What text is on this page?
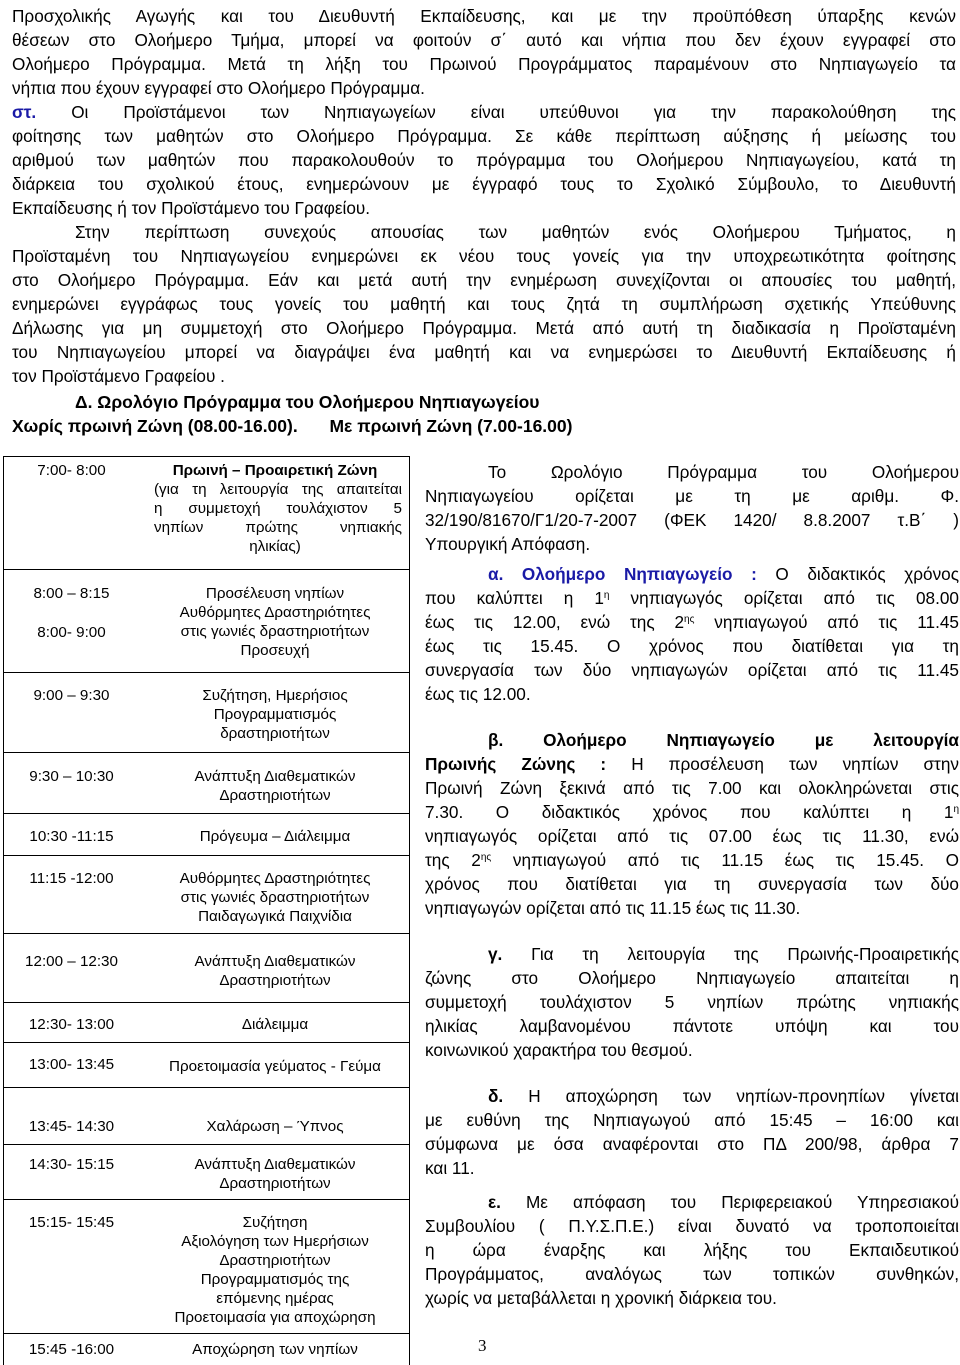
Προσχολικής Αγωγής και του Διευθυντή Εκπαίδευσης, και με την προϋπόθεση ύπαρξης κενών
θέσεων στο Ολοήμερο Τμήμα, μπορεί να φοιτούν σ΄ αυτό και νήπια που δεν έχουν εγγραφεί στο
Ολοήμερο Πρόγραμμα. Μετά τη λήξη του Πρωινού Προγράμματος παραμένουν στο Νηπιαγωγείο τα
νήπια που έχουν εγγραφεί στο Ολοήμερο Πρόγραμμα.
στ. Οι Προϊστάμενοι των Νηπιαγωγείων είναι υπεύθυνοι για την παρακολούθηση της
φοίτησης των μαθητών στο Ολοήμερο Πρόγραμμα. Σε κάθε περίπτωση αύξησης ή μείωσης του
αριθμού των μαθητών που παρακολουθούν το πρόγραμμα του Ολοήμερου Νηπιαγωγείου, κατά τη
διάρκεια του σχολικού έτους, ενημερώνουν με έγγραφό τους το Σχολικό Σύμβουλο, το Διευθυντή
Εκπαίδευσης ή τον Προϊστάμενο του Γραφείου.
Στην περίπτωση συνεχούς απουσίας των μαθητών ενός Ολοήμερου Τμήματος, η
Προϊσταμένη του Νηπιαγωγείου ενημερώνει εκ νέου τους γονείς για την υποχρεωτικότητα φοίτησης
στο Ολοήμερο Πρόγραμμα. Εάν και μετά αυτή την ενημέρωση συνεχίζονται οι απουσίες του μαθητή,
ενημερώνει εγγράφως τους γονείς του μαθητή και τους ζητά τη συμπλήρωση σχετικής Υπεύθυνης
Δήλωσης για μη συμμετοχή στο Ολοήμερο Πρόγραμμα. Μετά από αυτή τη διαδικασία η Προϊσταμένη
του Νηπιαγωγείου μπορεί να διαγράψει ένα μαθητή και να ενημερώσει το Διευθυντή Εκπαίδευσης ή
τον Προϊστάμενο Γραφείου .
Δ. Ωρολόγιο Πρόγραμμα του Ολοήμερου Νηπιαγωγείου
Χωρίς πρωινή Ζώνη (08.00-16.00). Με πρωινή Ζώνη (7.00-16.00)
7:00- 8:00	Πρωινή – Προαιρετική Ζώνη
(για τη λειτουργία της απαιτείται
η συμμετοχή τουλάχιστον 5
νηπίων πρώτης νηπιακής
ηλικίας)
8:00 – 8:15	Προσέλευση νηπίων
8:00- 9:00
Αυθόρμητες Δραστηριότητες
στις γωνιές δραστηριοτήτων
Προσευχή
9:00 – 9:30	Συζήτηση, Ημερήσιος
Προγραμματισμός
δραστηριοτήτων
9:30 – 10:30	Ανάπτυξη Διαθεματικών
Δραστηριοτήτων
10:30 -11:15	Πρόγευμα – Διάλειμμα
11:15 -12:00	Αυθόρμητες Δραστηριότητες
στις γωνιές δραστηριοτήτων
Παιδαγωγικά Παιχνίδια
12:00 – 12:30	Ανάπτυξη Διαθεματικών
Δραστηριοτήτων
12:30- 13:00	Διάλειμμα
13:00- 13:45	Προετοιμασία γεύματος - Γεύμα
13:45- 14:30	Χαλάρωση – Ύπνος
14:30- 15:15	Ανάπτυξη Διαθεματικών
Δραστηριοτήτων
15:15- 15:45	Συζήτηση
Αξιολόγηση των Ημερήσιων
Δραστηριοτήτων
Προγραμματισμός της
επόμενης ημέρας
Προετοιμασία για αποχώρηση
15:45 -16:00	Αποχώρηση των νηπίων
Το Ωρολόγιο Πρόγραμμα του Ολοήμερου
Νηπιαγωγείου ορίζεται με τη με αριθμ. Φ.
32/190/81670/Γ1/20-7-2007 (ΦΕΚ 1420/ 8.8.2007 τ.Β΄ )
Υπουργική Απόφαση.
α. Ολοήμερο Νηπιαγωγείο : Ο διδακτικός χρόνος
που καλύπτει η $1^\eta$ νηπιαγωγός ορίζεται από τις 08.00
έως τις 12.00, ενώ της $2^{\eta\varsigma}$ νηπιαγωγού από τις 11.45
έως τις 15.45. Ο χρόνος που διατίθεται για τη
συνεργασία των δύο νηπιαγωγών ορίζεται από τις 11.45
έως τις 12.00.
β. Ολοήμερο Νηπιαγωγείο με λειτουργία
Πρωινής Ζώνης : Η προσέλευση των νηπίων στην
Πρωινή Ζώνη ξεκινά από τις 7.00 και ολοκληρώνεται στις
7.30. Ο διδακτικός χρόνος που καλύπτει η $1^\eta$
νηπιαγωγός ορίζεται από τις 07.00 έως τις 11.30, ενώ
της $2^{\eta\varsigma}$ νηπιαγωγού από τις 11.15 έως τις 15.45. Ο
χρόνος που διατίθεται για τη συνεργασία των δύο
νηπιαγωγών ορίζεται από τις 11.15 έως τις 11.30.
γ. Για τη λειτουργία της Πρωινής-Προαιρετικής
ζώνης στο Ολοήμερο Νηπιαγωγείο απαιτείται η
συμμετοχή τουλάχιστον 5 νηπίων πρώτης νηπιακής
ηλικίας λαμβανομένου πάντοτε υπόψη και του
κοινωνικού χαρακτήρα του θεσμού.
δ. Η αποχώρηση των νηπίων-προνηπίων γίνεται
με ευθύνη της Νηπιαγωγού από 15:45 – 16:00 και
σύμφωνα με όσα αναφέρονται στο ΠΔ 200/98, άρθρα 7
και 11.
ε. Με απόφαση του Περιφερειακού Υπηρεσιακού
Συμβουλίου ( Π.Υ.Σ.Π.Ε.) είναι δυνατό να τροποποιείται
η ώρα έναρξης και λήξης του Εκπαιδευτικού
Προγράμματος, αναλόγως των τοπικών συνθηκών,
χωρίς να μεταβάλλεται η χρονική διάρκεια του.
3
